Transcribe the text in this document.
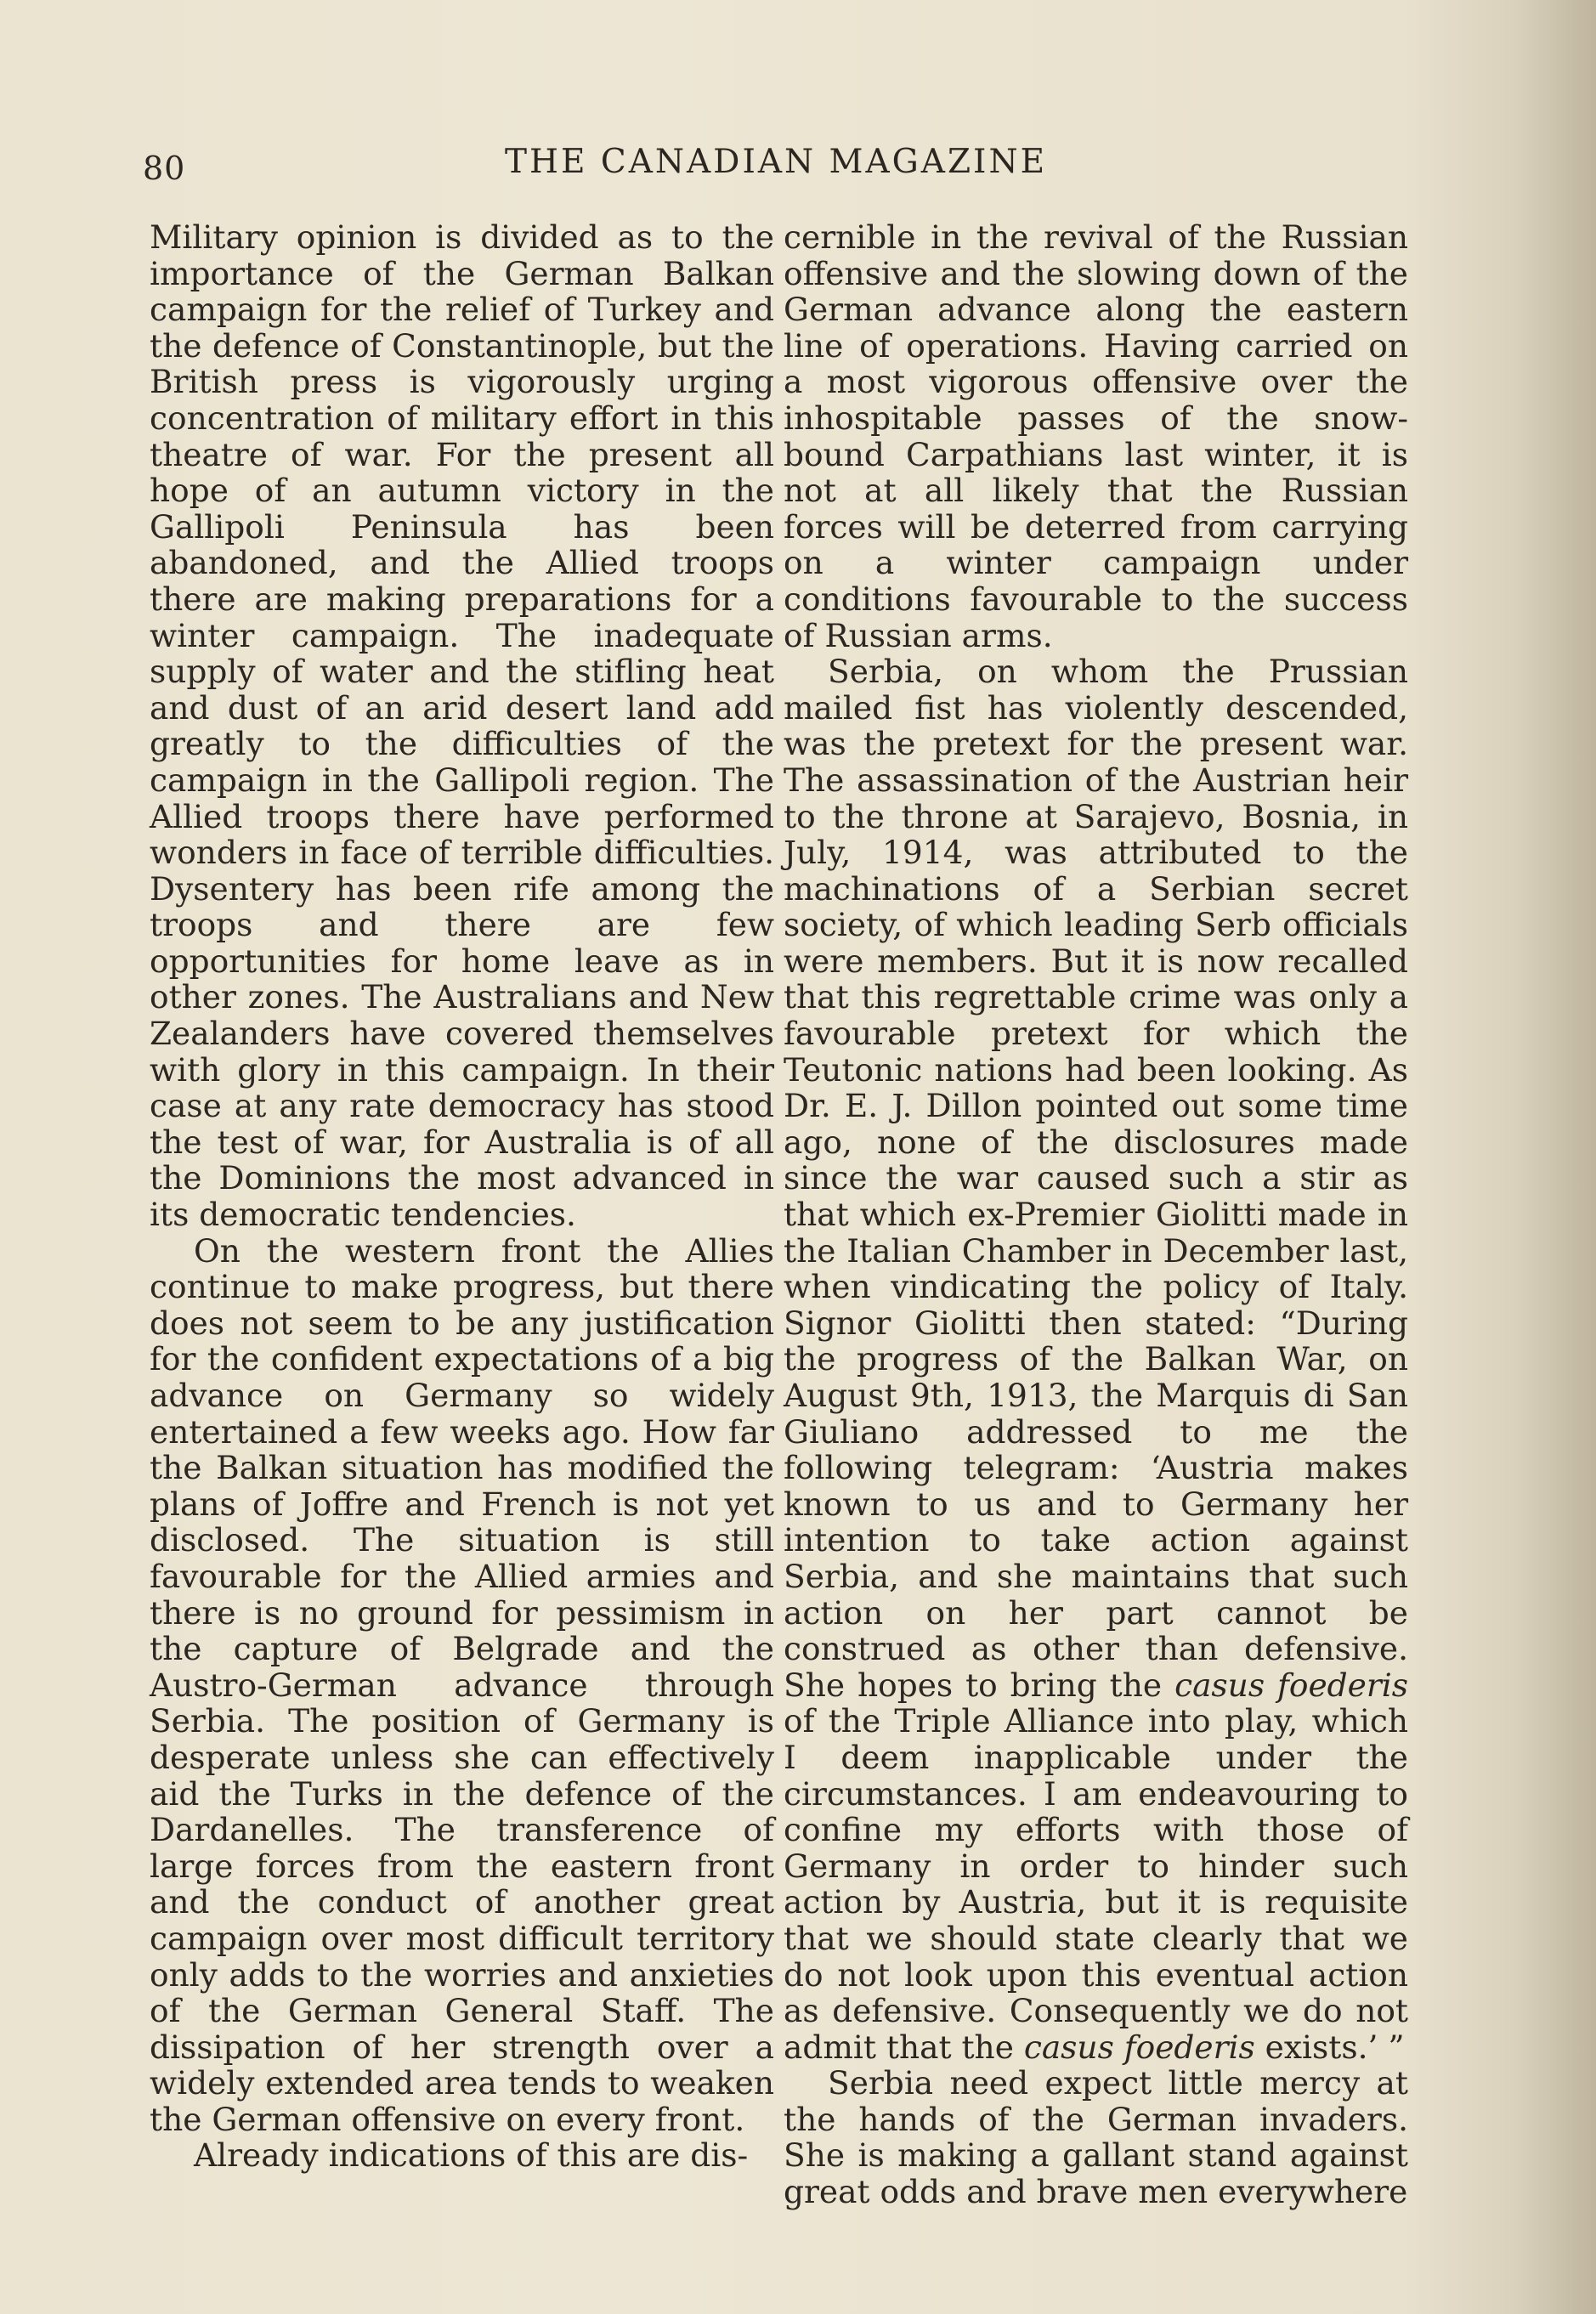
80	THE CANADIAN MAGAZINE

Military opinion is divided as to the importance of the German Balkan campaign for the relief of Turkey and the defence of Constantinople, but the British press is vigorously urging concentration of military effort in this theatre of war. For the present all hope of an autumn victory in the Gallipoli Peninsula has been abandoned, and the Allied troops there are making preparations for a winter campaign. The inadequate supply of water and the stifling heat and dust of an arid desert land add greatly to the difficulties of the campaign in the Gallipoli region. The Allied troops there have performed wonders in face of terrible difficulties. Dysentery has been rife among the troops and there are few opportunities for home leave as in other zones. The Australians and New Zealanders have covered themselves with glory in this campaign. In their case at any rate democracy has stood the test of war, for Australia is of all the Dominions the most advanced in its democratic tendencies.

On the western front the Allies continue to make progress, but there does not seem to be any justification for the confident expectations of a big advance on Germany so widely entertained a few weeks ago. How far the Balkan situation has modified the plans of Joffre and French is not yet disclosed. The situation is still favourable for the Allied armies and there is no ground for pessimism in the capture of Belgrade and the Austro-German advance through Serbia. The position of Germany is desperate unless she can effectively aid the Turks in the defence of the Dardanelles. The transference of large forces from the eastern front and the conduct of another great campaign over most difficult territory only adds to the worries and anxieties of the German General Staff. The dissipation of her strength over a widely extended area tends to weaken the German offensive on every front.

Already indications of this are dis-

cernible in the revival of the Russian offensive and the slowing down of the German advance along the eastern line of operations. Having carried on a most vigorous offensive over the inhospitable passes of the snow-bound Carpathians last winter, it is not at all likely that the Russian forces will be deterred from carrying on a winter campaign under conditions favourable to the success of Russian arms.

Serbia, on whom the Prussian mailed fist has violently descended, was the pretext for the present war. The assassination of the Austrian heir to the throne at Sarajevo, Bosnia, in July, 1914, was attributed to the machinations of a Serbian secret society, of which leading Serb officials were members. But it is now recalled that this regrettable crime was only a favourable pretext for which the Teutonic nations had been looking. As Dr. E. J. Dillon pointed out some time ago, none of the disclosures made since the war caused such a stir as that which ex-Premier Giolitti made in the Italian Chamber in December last, when vindicating the policy of Italy. Signor Giolitti then stated: “During the progress of the Balkan War, on August 9th, 1913, the Marquis di San Giuliano addressed to me the following telegram: ‘Austria makes known to us and to Germany her intention to take action against Serbia, and she maintains that such action on her part cannot be construed as other than defensive. She hopes to bring the casus foederis of the Triple Alliance into play, which I deem inapplicable under the circumstances. I am endeavouring to confine my efforts with those of Germany in order to hinder such action by Austria, but it is requisite that we should state clearly that we do not look upon this eventual action as defensive. Consequently we do not admit that the casus foederis exists.’ ”

Serbia need expect little mercy at the hands of the German invaders. She is making a gallant stand against great odds and brave men everywhere
